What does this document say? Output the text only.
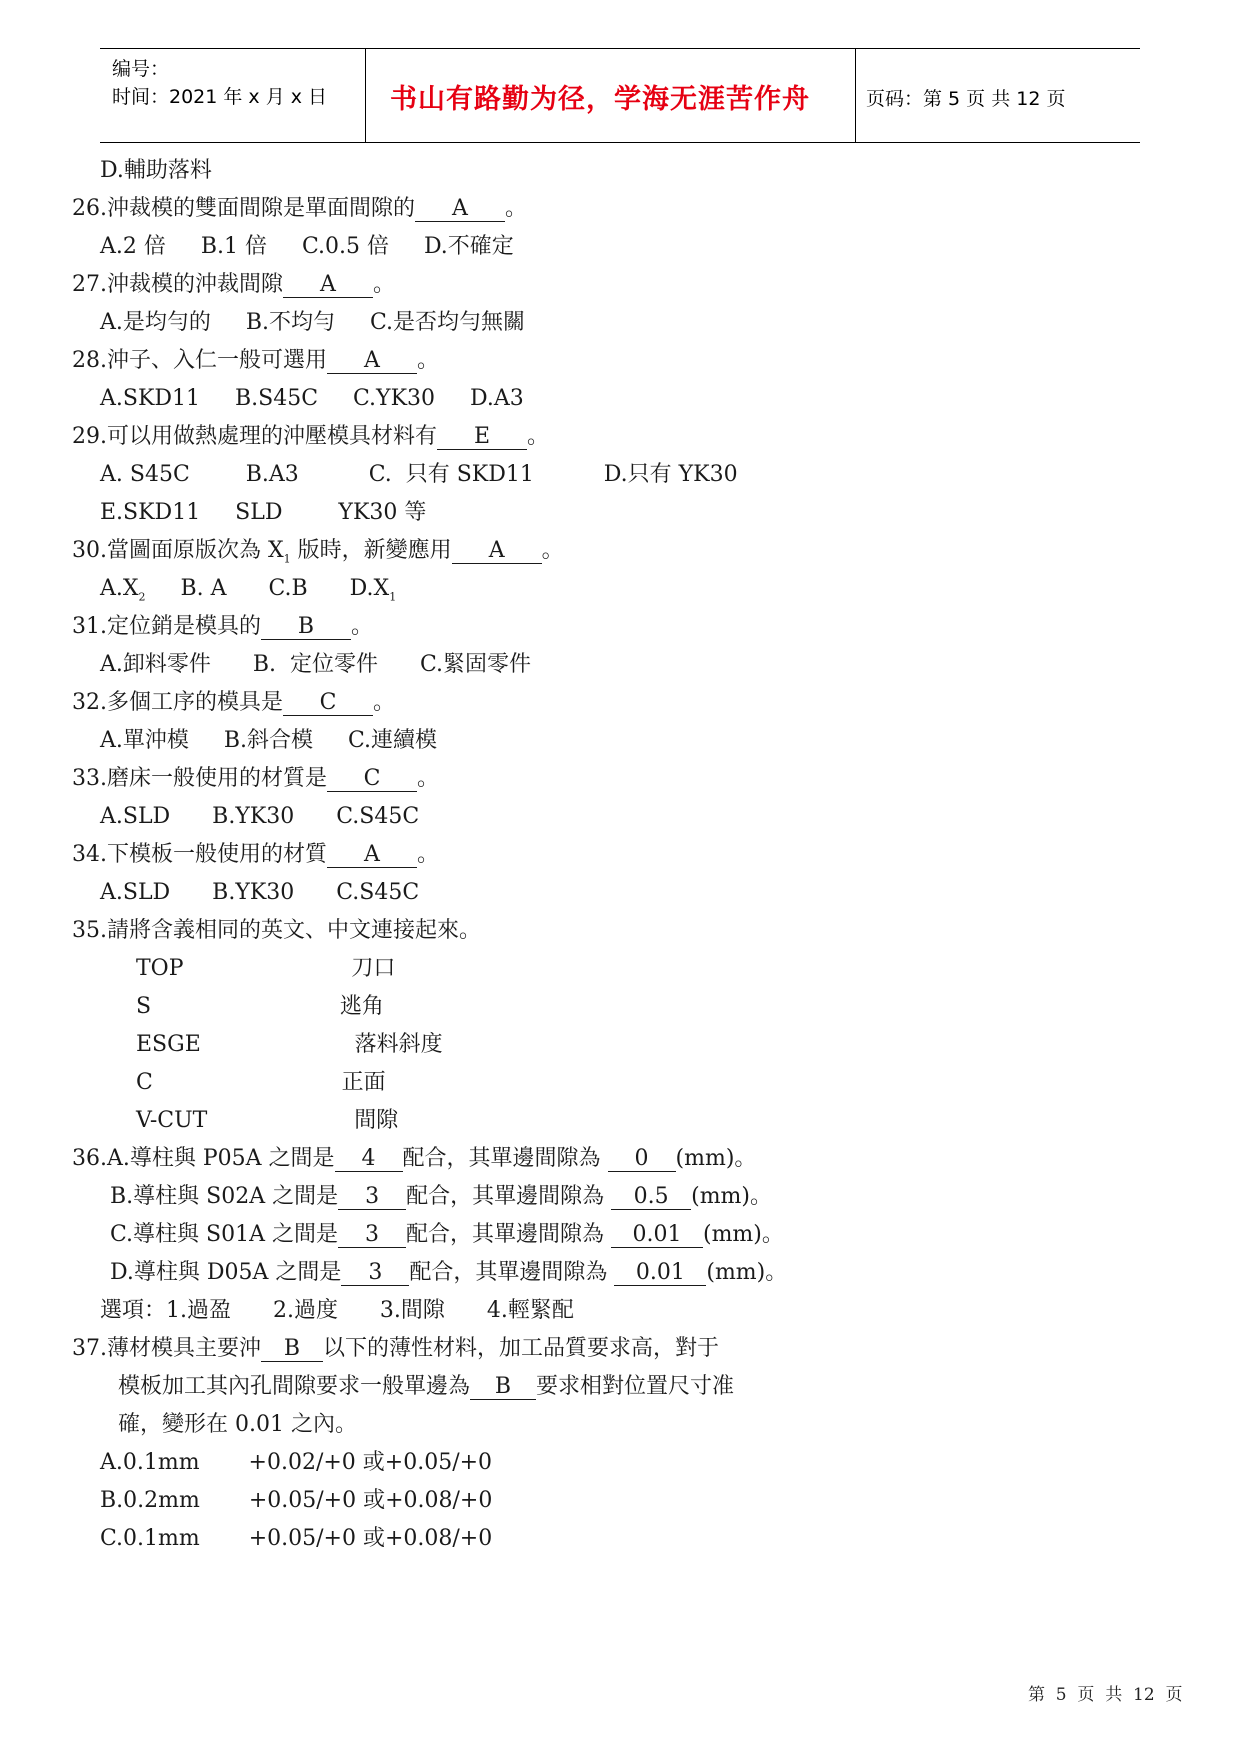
编号：
时间：2021 年 x 月 x 日 书山有路勤为径，学海无涯苦作舟	页码：第 5 页 共 12 页
D.輔助落料
26.沖裁模的雙面間隙是單面間隙的 A 。
A.2 倍     B.1 倍     C.0.5 倍     D.不確定
27.沖裁模的沖裁間隙 A 。
A.是均勻的     B.不均勻     C.是否均勻無關
28.沖子、入仁一般可選用 A 。
A.SKD11     B.S45C     C.YK30     D.A3
29.可以用做熱處理的沖壓模具材料有 E 。
A. S45C        B.A3          C.  只有 SKD11          D.只有 YK30
E.SKD11     SLD        YK30 等
30.當圖面原版次為 $X_1$ 版時，新變應用 A 。
$A.X_2$     B. A      C.B      $D.X_1$
31.定位銷是模具的 B 。
A.卸料零件      B.  定位零件      C.緊固零件
32.多個工序的模具是 C 。
A.單沖模     B.斜合模     C.連續模
33.磨床一般使用的材質是 C 。
A.SLD      B.YK30      C.S45C
34.下模板一般使用的材質 A 。
A.SLD      B.YK30      C.S45C
35.請將含義相同的英文、中文連接起來。
TOP                        刀口
S                           逃角
ESGE                      落料斜度
C                           正面
V-CUT                     間隙
36.A.導柱與 P05A 之間是 4 配合，其單邊間隙為 0 (mm)。
B.導柱與 S02A 之間是 3 配合，其單邊間隙為 0.5 (mm)。
C.導柱與 S01A 之間是 3 配合，其單邊間隙為 0.01 (mm)。
D.導柱與 D05A 之間是 3 配合，其單邊間隙為 0.01 (mm)。
選項：1.過盈      2.過度      3.間隙      4.輕緊配
37.薄材模具主要沖 B 以下的薄性材料，加工品質要求高，對于
模板加工其內孔間隙要求一般單邊為 B 要求相對位置尺寸准
確，變形在 0.01 之內。
A.0.1mm       +0.02/+0 或+0.05/+0
B.0.2mm       +0.05/+0 或+0.08/+0
C.0.1mm       +0.05/+0 或+0.08/+0
第  5  页  共  12  页
